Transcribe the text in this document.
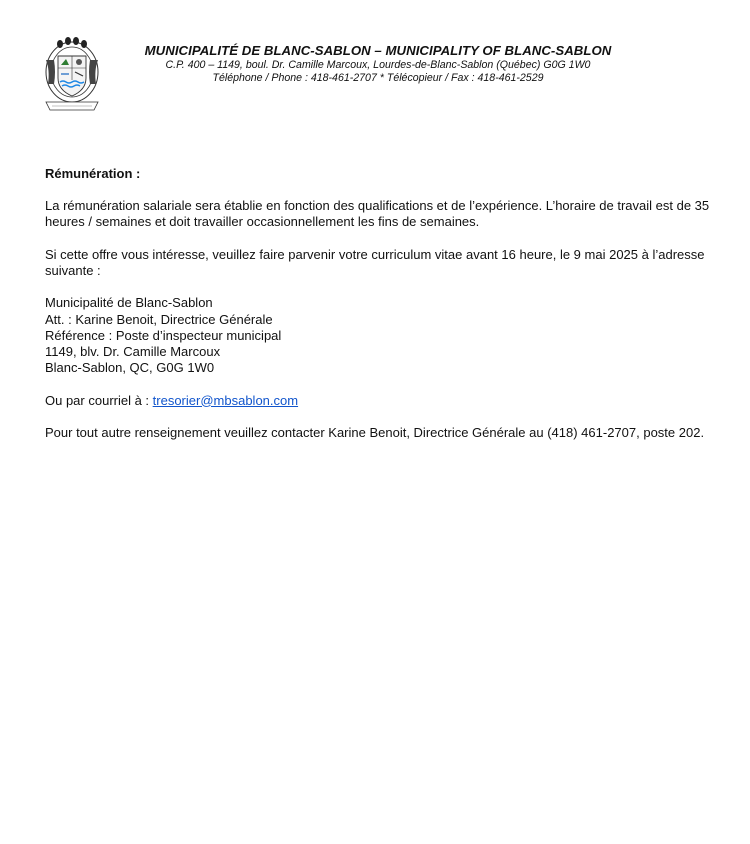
MUNICIPALITÉ DE BLANC-SABLON – MUNICIPALITY OF BLANC-SABLON
C.P. 400 – 1149, boul. Dr. Camille Marcoux, Lourdes-de-Blanc-Sablon (Québec) G0G 1W0
Téléphone / Phone : 418-461-2707 * Télécopieur / Fax : 418-461-2529

Rémunération :

La rémunération salariale sera établie en fonction des qualifications et de l’expérience. L’horaire de travail est de 35 heures / semaines et doit travailler occasionnellement les fins de semaines.

Si cette offre vous intéresse, veuillez faire parvenir votre curriculum vitae avant 16 heure, le 9 mai 2025 à l’adresse suivante :

Municipalité de Blanc-Sablon
Att. : Karine Benoit, Directrice Générale
Référence : Poste d’inspecteur municipal
1149, blv. Dr. Camille Marcoux
Blanc-Sablon, QC, G0G 1W0

Ou par courriel à : tresorier@mbsablon.com

Pour tout autre renseignement veuillez contacter Karine Benoit, Directrice Générale au (418) 461-2707, poste 202.
